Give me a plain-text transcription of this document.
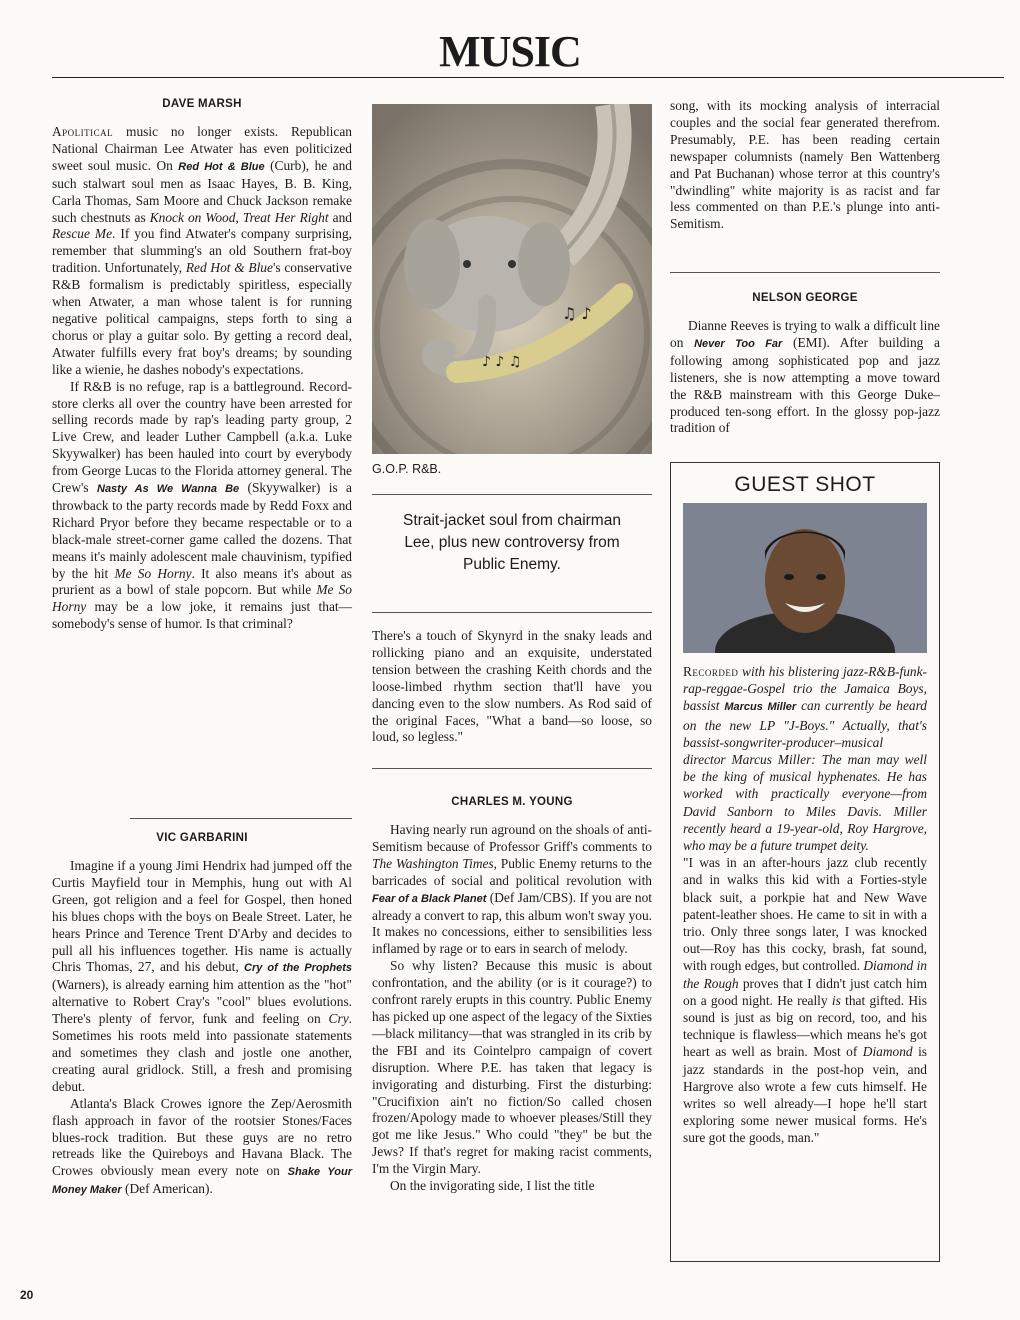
MUSIC
DAVE MARSH

Apolitical music no longer exists. Republican National Chairman Lee Atwater has even politicized sweet soul music. On Red Hot & Blue (Curb), he and such stalwart soul men as Isaac Hayes, B. B. King, Carla Thomas, Sam Moore and Chuck Jackson remake such chestnuts as Knock on Wood, Treat Her Right and Rescue Me. If you find Atwater's company surprising, remember that slumming's an old Southern frat-boy tradition. Unfortunately, Red Hot & Blue's conservative R&B formalism is predictably spiritless, especially when Atwater, a man whose talent is for running negative political campaigns, steps forth to sing a chorus or play a guitar solo. By getting a record deal, Atwater fulfills every frat boy's dreams; by sounding like a wienie, he dashes nobody's expectations.

If R&B is no refuge, rap is a battleground. Record-store clerks all over the country have been arrested for selling records made by rap's leading party group, 2 Live Crew, and leader Luther Campbell (a.k.a. Luke Skyywalker) has been hauled into court by everybody from George Lucas to the Florida attorney general. The Crew's Nasty As We Wanna Be (Skyywalker) is a throwback to the party records made by Redd Foxx and Richard Pryor before they became respectable or to a black-male street-corner game called the dozens. That means it's mainly adolescent male chauvinism, typified by the hit Me So Horny. It also means it's about as prurient as a bowl of stale popcorn. But while Me So Horny may be a low joke, it remains just that—somebody's sense of humor. Is that criminal?

VIC GARBARINI

Imagine if a young Jimi Hendrix had jumped off the Curtis Mayfield tour in Memphis, hung out with Al Green, got religion and a feel for Gospel, then honed his blues chops with the boys on Beale Street. Later, he hears Prince and Terence Trent D'Arby and decides to pull all his influences together. His name is actually Chris Thomas, 27, and his debut, Cry of the Prophets (Warners), is already earning him attention as the "hot" alternative to Robert Cray's "cool" blues evolutions. There's plenty of fervor, funk and feeling on Cry. Sometimes his roots meld into passionate statements and sometimes they clash and jostle one another, creating aural gridlock. Still, a fresh and promising debut.

Atlanta's Black Crowes ignore the Zep/Aerosmith flash approach in favor of the rootsier Stones/Faces blues-rock tradition. But these guys are no retro retreads like the Quireboys and Havana Black. The Crowes obviously mean every note on Shake Your Money Maker (Def American).

♪ ♪ ♫
♫ ♪
G.O.P. R&B.
Strait-jacket soul from chairman Lee, plus new controversy from Public Enemy.

There's a touch of Skynyrd in the snaky leads and rollicking piano and an exquisite, understated tension between the crashing Keith chords and the loose-limbed rhythm section that'll have you dancing even to the slow numbers. As Rod said of the original Faces, "What a band—so loose, so loud, so legless."

CHARLES M. YOUNG

Having nearly run aground on the shoals of anti-Semitism because of Professor Griff's comments to The Washington Times, Public Enemy returns to the barricades of social and political revolution with Fear of a Black Planet (Def Jam/CBS). If you are not already a convert to rap, this album won't sway you. It makes no concessions, either to sensibilities less inflamed by rage or to ears in search of melody.

So why listen? Because this music is about confrontation, and the ability (or is it courage?) to confront rarely erupts in this country. Public Enemy has picked up one aspect of the legacy of the Sixties—black militancy—that was strangled in its crib by the FBI and its Cointelpro campaign of covert disruption. Where P.E. has taken that legacy is invigorating and disturbing. First the disturbing: "Crucifixion ain't no fiction/So called chosen frozen/Apology made to whoever pleases/Still they got me like Jesus." Who could "they" be but the Jews? If that's regret for making racist comments, I'm the Virgin Mary.

On the invigorating side, I list the title

song, with its mocking analysis of interracial couples and the social fear generated therefrom. Presumably, P.E. has been reading certain newspaper columnists (namely Ben Wattenberg and Pat Buchanan) whose terror at this country's "dwindling" white majority is as racist and far less commented on than P.E.'s plunge into anti-Semitism.

NELSON GEORGE

Dianne Reeves is trying to walk a difficult line on Never Too Far (EMI). After building a following among sophisticated pop and jazz listeners, she is now attempting a move toward the R&B mainstream with this George Duke–produced ten-song effort. In the glossy pop-jazz tradition of

GUEST SHOT

Recorded with his blistering jazz-R&B-funk-rap-reggae-Gospel trio the Jamaica Boys, bassist Marcus Miller can currently be heard on the new LP "J-Boys." Actually, that's bassist-songwriter-producer–musical director Marcus Miller: The man may well be the king of musical hyphenates. He has worked with practically everyone—from David Sanborn to Miles Davis. Miller recently heard a 19-year-old, Roy Hargrove, who may be a future trumpet deity.

"I was in an after-hours jazz club recently and in walks this kid with a Forties-style black suit, a porkpie hat and New Wave patent-leather shoes. He came to sit in with a trio. Only three songs later, I was knocked out—Roy has this cocky, brash, fat sound, with rough edges, but controlled. Diamond in the Rough proves that I didn't just catch him on a good night. He really is that gifted. His sound is just as big on record, too, and his technique is flawless—which means he's got heart as well as brain. Most of Diamond is jazz standards in the post-hop vein, and Hargrove also wrote a few cuts himself. He writes so well already—I hope he'll start exploring some newer musical forms. He's sure got the goods, man."

20
